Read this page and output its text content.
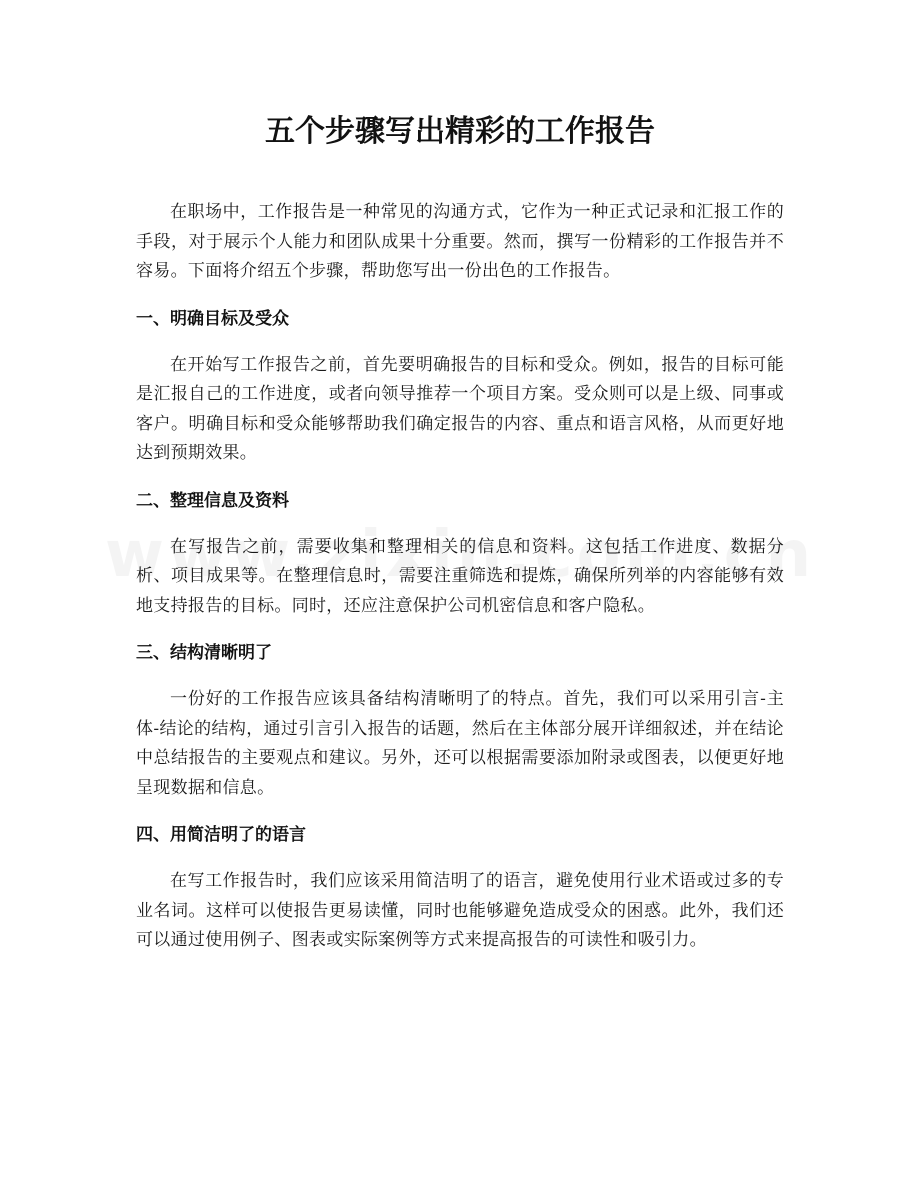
五个步骤写出精彩的工作报告

在职场中，工作报告是一种常见的沟通方式，它作为一种正式记录和汇报工作的手段，对于展示个人能力和团队成果十分重要。然而，撰写一份精彩的工作报告并不容易。下面将介绍五个步骤，帮助您写出一份出色的工作报告。

一、明确目标及受众

在开始写工作报告之前，首先要明确报告的目标和受众。例如，报告的目标可能是汇报自己的工作进度，或者向领导推荐一个项目方案。受众则可以是上级、同事或客户。明确目标和受众能够帮助我们确定报告的内容、重点和语言风格，从而更好地达到预期效果。

二、整理信息及资料

在写报告之前，需要收集和整理相关的信息和资料。这包括工作进度、数据分析、项目成果等。在整理信息时，需要注重筛选和提炼，确保所列举的内容能够有效地支持报告的目标。同时，还应注意保护公司机密信息和客户隐私。

三、结构清晰明了

一份好的工作报告应该具备结构清晰明了的特点。首先，我们可以采用引言-主体-结论的结构，通过引言引入报告的话题，然后在主体部分展开详细叙述，并在结论中总结报告的主要观点和建议。另外，还可以根据需要添加附录或图表，以便更好地呈现数据和信息。

四、用简洁明了的语言

在写工作报告时，我们应该采用简洁明了的语言，避免使用行业术语或过多的专业名词。这样可以使报告更易读懂，同时也能够避免造成受众的困惑。此外，我们还可以通过使用例子、图表或实际案例等方式来提高报告的可读性和吸引力。
